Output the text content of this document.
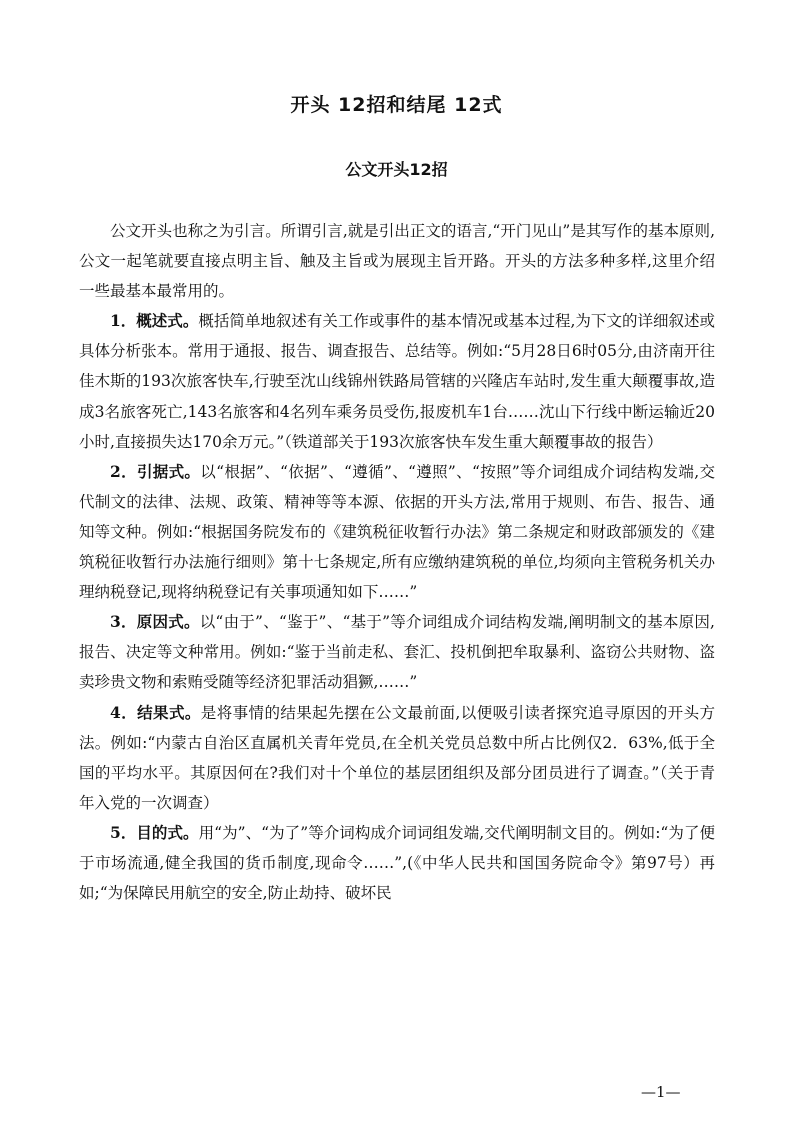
开头 12招和结尾 12式
公文开头12招

公文开头也称之为引言。所谓引言,就是引出正文的语言,“开门见山”是其写作的基本原则,公文一起笔就要直接点明主旨、触及主旨或为展现主旨开路。开头的方法多种多样,这里介绍一些最基本最常用的。

1．概述式。概括简单地叙述有关工作或事件的基本情况或基本过程,为下文的详细叙述或具体分析张本。常用于通报、报告、调查报告、总结等。例如:“5月28日6时05分,由济南开往佳木斯的193次旅客快车,行驶至沈山线锦州铁路局管辖的兴隆店车站时,发生重大颠覆事故,造成3名旅客死亡,143名旅客和4名列车乘务员受伤,报废机车1台……沈山下行线中断运输近20小时,直接损失达170余万元。”（铁道部关于193次旅客快车发生重大颠覆事故的报告）

2．引据式。以“根据”、“依据”、“遵循”、“遵照”、“按照”等介词组成介词结构发端,交代制文的法律、法规、政策、精神等等本源、依据的开头方法,常用于规则、布告、报告、通知等文种。例如:“根据国务院发布的《建筑税征收暂行办法》第二条规定和财政部颁发的《建筑税征收暂行办法施行细则》第十七条规定,所有应缴纳建筑税的单位,均须向主管税务机关办理纳税登记,现将纳税登记有关事项通知如下……”

3．原因式。以“由于”、“鉴于”、“基于”等介词组成介词结构发端,阐明制文的基本原因,报告、决定等文种常用。例如:“鉴于当前走私、套汇、投机倒把牟取暴利、盗窃公共财物、盗卖珍贵文物和索贿受随等经济犯罪活动猖獗,……”

4．结果式。是将事情的结果起先摆在公文最前面,以便吸引读者探究追寻原因的开头方法。例如:“内蒙古自治区直属机关青年党员,在全机关党员总数中所占比例仅2．63%,低于全国的平均水平。其原因何在?我们对十个单位的基层团组织及部分团员进行了调查。”（关于青年入党的一次调查）

5．目的式。用“为”、“为了”等介词构成介词词组发端,交代阐明制文目的。例如:“为了便于市场流通,健全我国的货币制度,现命令……”,(《中华人民共和国国务院命令》第97号）再如;“为保障民用航空的安全,防止劫持、破坏民

—1—
